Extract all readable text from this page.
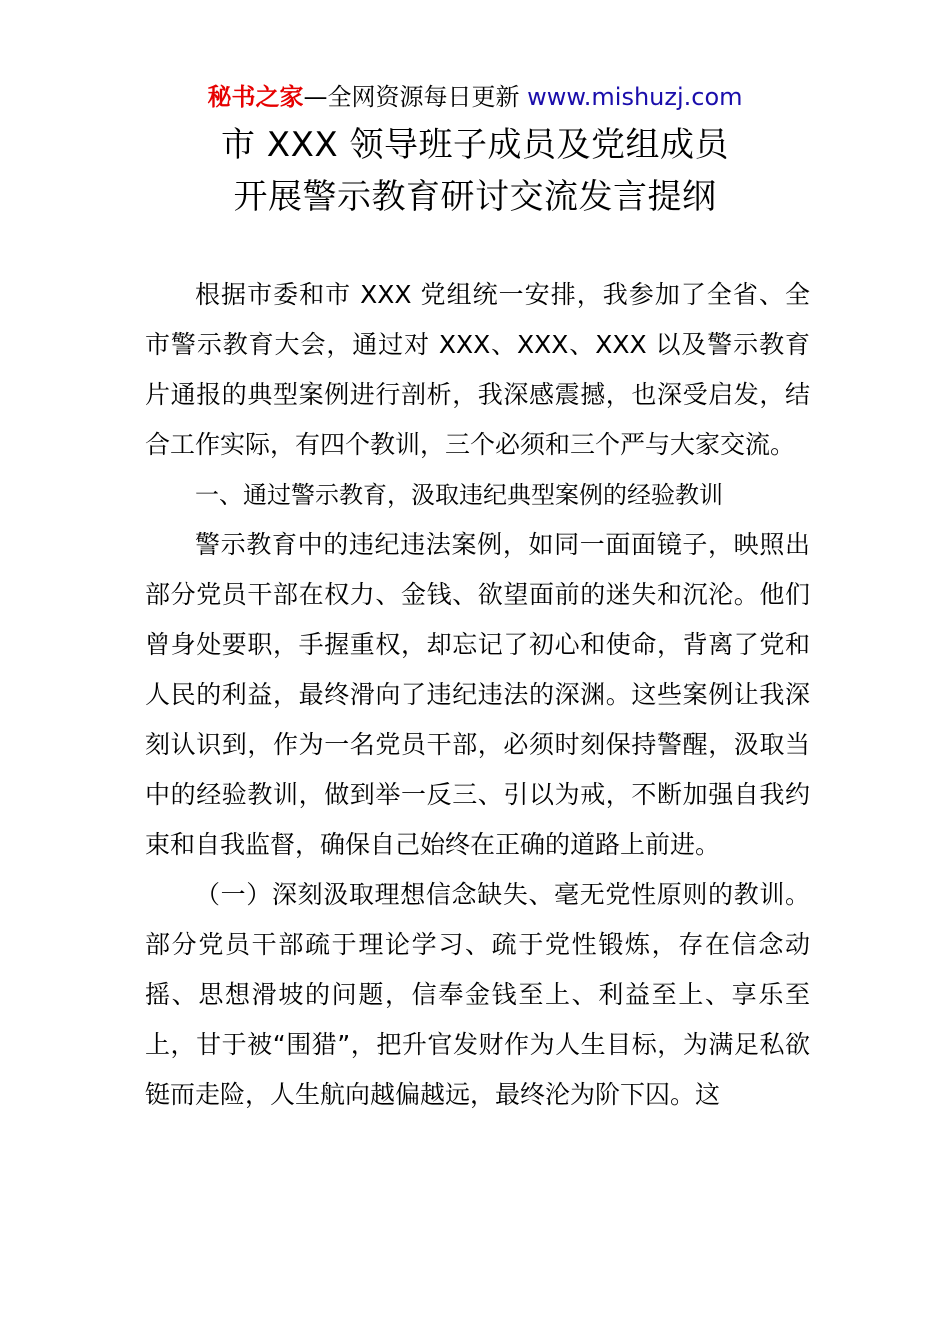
秘书之家—全网资源每日更新 www.mishuzj.com
市 XXX 领导班子成员及党组成员
开展警示教育研讨交流发言提纲

根据市委和市 XXX 党组统一安排，我参加了全省、全市警示教育大会，通过对 XXX、XXX、XXX 以及警示教育片通报的典型案例进行剖析，我深感震撼，也深受启发，结合工作实际，有四个教训，三个必须和三个严与大家交流。

一、通过警示教育，汲取违纪典型案例的经验教训

警示教育中的违纪违法案例，如同一面面镜子，映照出部分党员干部在权力、金钱、欲望面前的迷失和沉沦。他们曾身处要职，手握重权，却忘记了初心和使命，背离了党和人民的利益，最终滑向了违纪违法的深渊。这些案例让我深刻认识到，作为一名党员干部，必须时刻保持警醒，汲取当中的经验教训，做到举一反三、引以为戒，不断加强自我约束和自我监督，确保自己始终在正确的道路上前进。

（一）深刻汲取理想信念缺失、毫无党性原则的教训。部分党员干部疏于理论学习、疏于党性锻炼，存在信念动摇、思想滑坡的问题，信奉金钱至上、利益至上、享乐至上，甘于被“围猎”，把升官发财作为人生目标，为满足私欲铤而走险，人生航向越偏越远，最终沦为阶下囚。这
